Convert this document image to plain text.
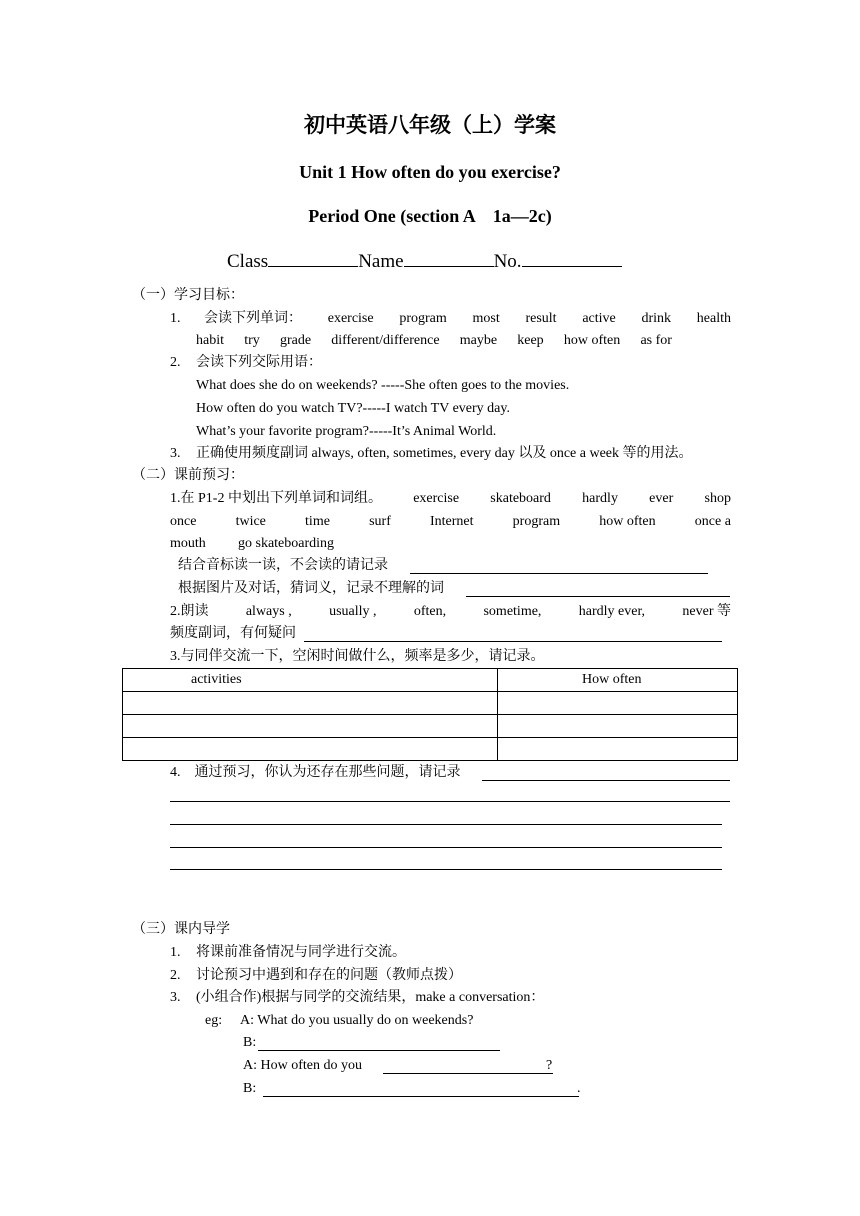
初中英语八年级（上）学案
Unit 1 How often do you exercise?
Period One (section A　1a—2c)
Class	Name	No.
（一）学习目标：
1. 会读下列单词： exercise program most result active drink health
habit try grade different/difference maybe keep how often as for
2. 会读下列交际用语：
What does she do on weekends? -----She often goes to the movies.
How often do you watch TV?-----I watch TV every day.
What’s your favorite program?-----It’s Animal World.
3. 正确使用频度副词 always, often, sometimes, every day 以及 once a week 等的用法。
（二）课前预习：
1.在 P1-2 中划出下列单词和词组。 exercise skateboard hardly ever shop
once	twice	time	surf	Internet	program	how often	once a
mouth go skateboarding
结合音标读一读，不会读的请记录
根据图片及对话，猜词义，记录不理解的词
2.朗读	always ,	usually ,	often,	sometime,	hardly ever,	never 等
频度副词，有何疑问
3.与同伴交流一下，空闲时间做什么，频率是多少，请记录。
activities	How often

4.　通过预习，你认为还存在那些问题，请记录
（三）课内导学
1. 将课前准备情况与同学进行交流。
2. 讨论预习中遇到和存在的问题（教师点拨）
3. (小组合作)根据与同学的交流结果，make a conversation：
eg: A: What do you usually do on weekends?
B:
A: How often do you	?
B:	.
